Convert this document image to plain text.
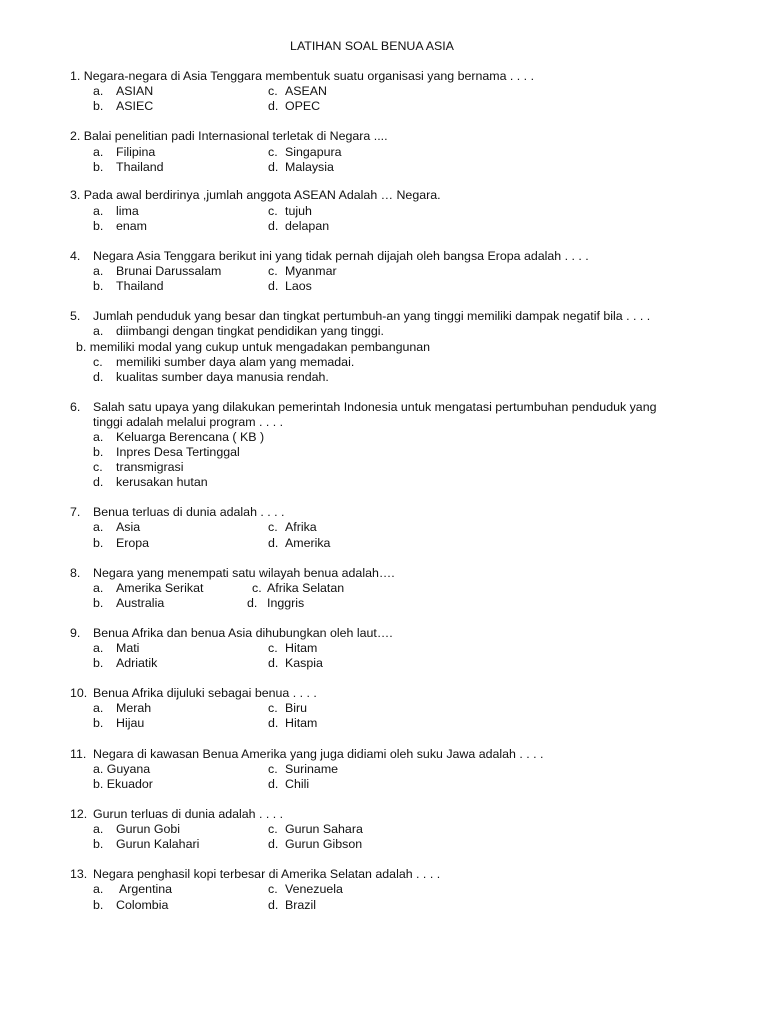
LATIHAN SOAL BENUA ASIA
1. Negara-negara di Asia Tenggara membentuk suatu organisasi yang bernama . . . .
a. ASIAN	c. ASEAN
b. ASIEC	d. OPEC
2. Balai penelitian padi Internasional terletak di Negara ....
a. Filipina	c. Singapura
b. Thailand	d. Malaysia
3. Pada awal berdirinya ,jumlah anggota ASEAN Adalah … Negara.
a. lima	c. tujuh
b. enam	d. delapan
4. Negara Asia Tenggara berikut ini yang tidak pernah dijajah oleh bangsa Eropa adalah . . . .
a. Brunai Darussalam	c. Myanmar
b. Thailand	d. Laos
5. Jumlah penduduk yang besar dan tingkat pertumbuh-an yang tinggi memiliki dampak negatif bila . . . .
a. diimbangi dengan tingkat pendidikan yang tinggi.
b. memiliki modal yang cukup untuk mengadakan pembangunan
c. memiliki sumber daya alam yang memadai.
d. kualitas sumber daya manusia rendah.
6. Salah satu upaya yang dilakukan pemerintah Indonesia untuk mengatasi pertumbuhan penduduk yang
tinggi adalah melalui program . . . .
a. Keluarga Berencana ( KB )
b. Inpres Desa Tertinggal
c. transmigrasi
d. kerusakan hutan
7. Benua terluas di dunia adalah . . . .
a. Asia	c. Afrika
b. Eropa	d. Amerika
8. Negara yang menempati satu wilayah benua adalah….
a. Amerika Serikat	c. Afrika Selatan
b. Australia	d. Inggris
9. Benua Afrika dan benua Asia dihubungkan oleh laut….
a. Mati	c. Hitam
b. Adriatik	d. Kaspia
10. Benua Afrika dijuluki sebagai benua . . . .
a. Merah	c. Biru
b. Hijau	d. Hitam
11. Negara di kawasan Benua Amerika yang juga didiami oleh suku Jawa adalah . . . .
a. Guyana	c. Suriname
b. Ekuador	d. Chili
12. Gurun terluas di dunia adalah . . . .
a. Gurun Gobi	c. Gurun Sahara
b. Gurun Kalahari	d. Gurun Gibson
13. Negara penghasil kopi terbesar di Amerika Selatan adalah . . . .
a. Argentina	c. Venezuela
b. Colombia	d. Brazil
